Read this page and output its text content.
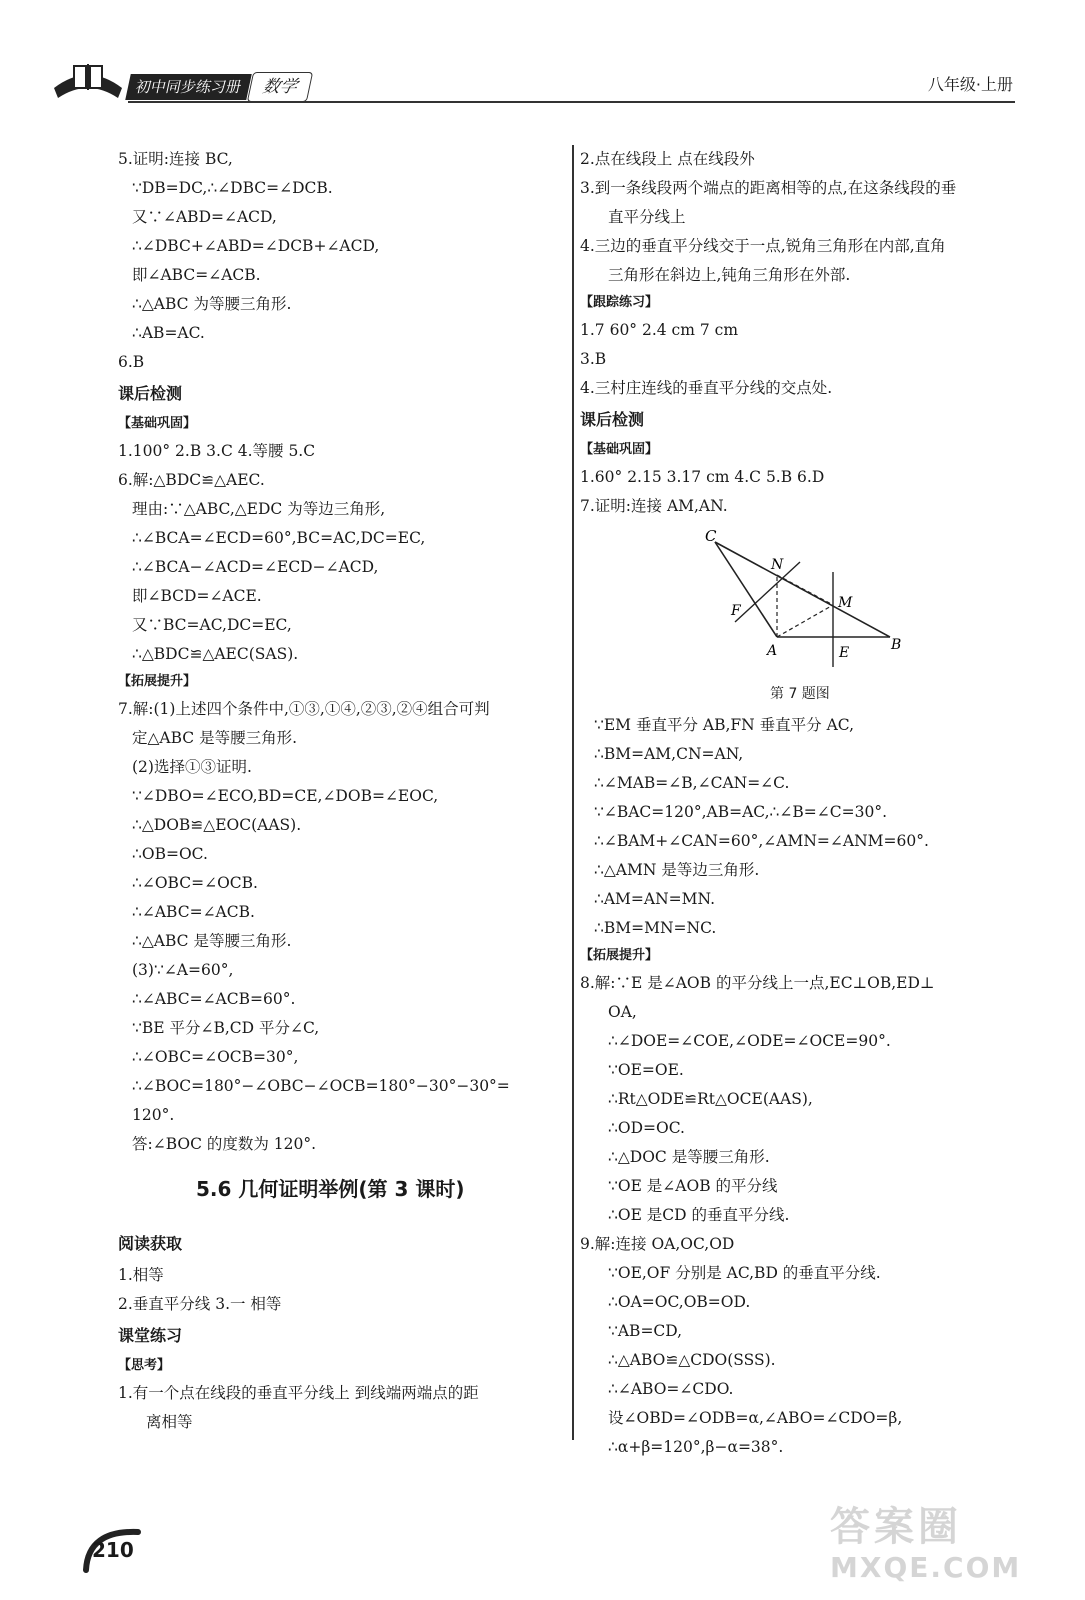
初中同步练习册	数学	八年级·上册
5.证明:连接 BC,
∵DB=DC,∴∠DBC=∠DCB.
又∵∠ABD=∠ACD,
∴∠DBC+∠ABD=∠DCB+∠ACD,
即∠ABC=∠ACB.
∴△ABC 为等腰三角形.
∴AB=AC.
6.B
课后检测
【基础巩固】
1.100° 2.B 3.C 4.等腰 5.C
6.解:△BDC≌△AEC.
理由:∵△ABC,△EDC 为等边三角形,
∴∠BCA=∠ECD=60°,BC=AC,DC=EC,
∴∠BCA−∠ACD=∠ECD−∠ACD,
即∠BCD=∠ACE.
又∵BC=AC,DC=EC,
∴△BDC≌△AEC(SAS).
【拓展提升】
7.解:(1)上述四个条件中,①③,①④,②③,②④组合可判
定△ABC 是等腰三角形.
(2)选择①③证明.
∵∠DBO=∠ECO,BD=CE,∠DOB=∠EOC,
∴△DOB≌△EOC(AAS).
∴OB=OC.
∴∠OBC=∠OCB.
∴∠ABC=∠ACB.
∴△ABC 是等腰三角形.
(3)∵∠A=60°,
∴∠ABC=∠ACB=60°.
∵BE 平分∠B,CD 平分∠C,
∴∠OBC=∠OCB=30°,
∴∠BOC=180°−∠OBC−∠OCB=180°−30°−30°=
120°.
答:∠BOC 的度数为 120°.
5.6 几何证明举例(第 3 课时)
阅读获取
1.相等
2.垂直平分线 3.一 相等
课堂练习
【思考】
1.有一个点在线段的垂直平分线上 到线端两端点的距
离相等
2.点在线段上 点在线段外
3.到一条线段两个端点的距离相等的点,在这条线段的垂
直平分线上
4.三边的垂直平分线交于一点,锐角三角形在内部,直角
三角形在斜边上,钝角三角形在外部.
【跟踪练习】
1.7 60° 2.4 cm 7 cm
3.B
4.三村庄连线的垂直平分线的交点处.
课后检测
【基础巩固】
1.60° 2.15 3.17 cm 4.C 5.B 6.D
7.证明:连接 AM,AN.
C
N
M
F
A	E	B
第 7 题图
∵EM 垂直平分 AB,FN 垂直平分 AC,
∴BM=AM,CN=AN,
∴∠MAB=∠B,∠CAN=∠C.
∵∠BAC=120°,AB=AC,∴∠B=∠C=30°.
∴∠BAM+∠CAN=60°,∠AMN=∠ANM=60°.
∴△AMN 是等边三角形.
∴AM=AN=MN.
∴BM=MN=NC.
【拓展提升】
8.解:∵E 是∠AOB 的平分线上一点,EC⊥OB,ED⊥
OA,
∴∠DOE=∠COE,∠ODE=∠OCE=90°.
∵OE=OE.
∴Rt△ODE≌Rt△OCE(AAS),
∴OD=OC.
∴△DOC 是等腰三角形.
∵OE 是∠AOB 的平分线
∴OE 是CD 的垂直平分线.
9.解:连接 OA,OC,OD
∵OE,OF 分别是 AC,BD 的垂直平分线.
∴OA=OC,OB=OD.
∵AB=CD,
∴△ABO≌△CDO(SSS).
∴∠ABO=∠CDO.
设∠OBD=∠ODB=α,∠ABO=∠CDO=β,
∴α+β=120°,β−α=38°.
210	答案圈
MXQE.COM
